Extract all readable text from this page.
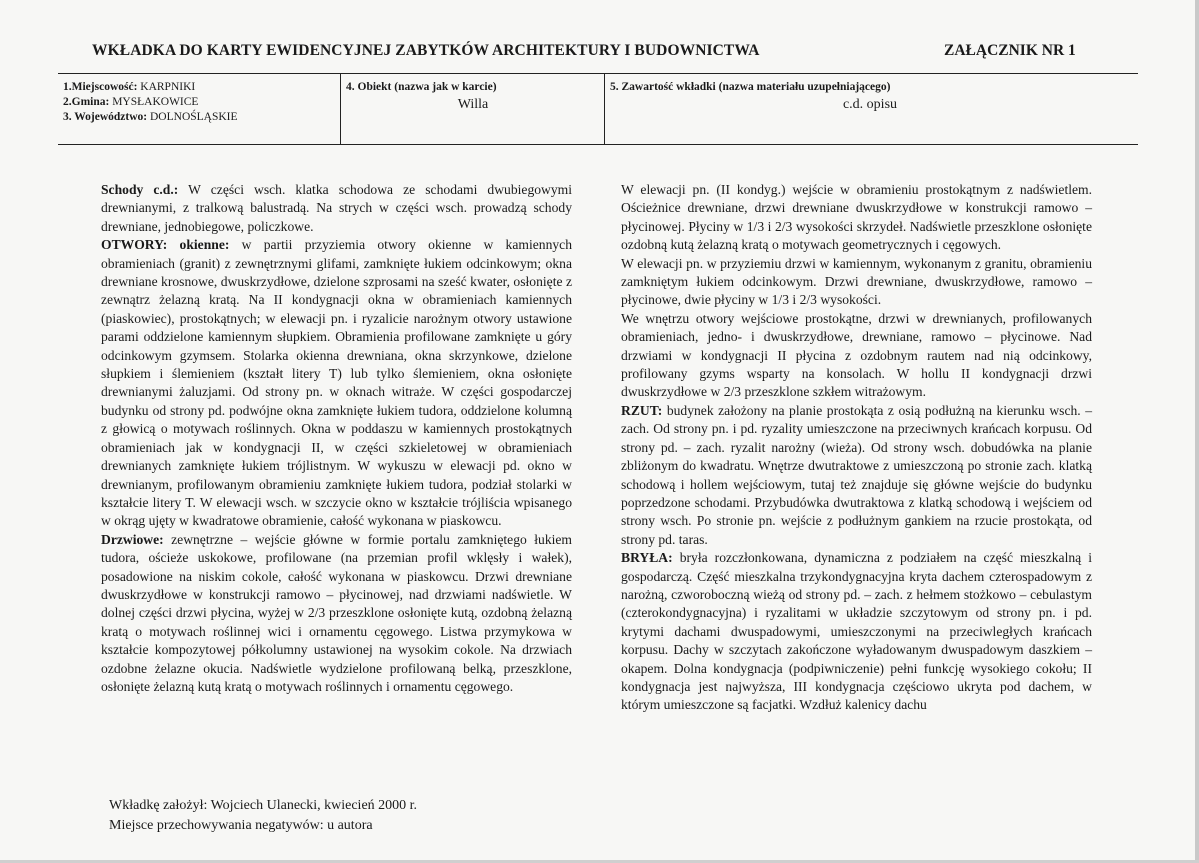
WKŁADKA DO KARTY EWIDENCYJNEJ ZABYTKÓW ARCHITEKTURY I BUDOWNICTWA	ZAŁĄCZNIK NR 1
1.Miejscowość: KARPNIKI
2.Gmina: MYSŁAKOWICE
3. Województwo: DOLNOŚLĄSKIE
4. Obiekt (nazwa jak w karcie)
Willa
5. Zawartość wkładki (nazwa materiału uzupełniającego)
c.d. opisu

Schody c.d.: W części wsch. klatka schodowa ze schodami dwubiegowymi drewnianymi, z tralkową balustradą. Na strych w części wsch. prowadzą schody drewniane, jednobiegowe, policzkowe.

OTWORY: okienne: w partii przyziemia otwory okienne w kamiennych obramieniach (granit) z zewnętrznymi glifami, zamknięte łukiem odcinkowym; okna drewniane krosnowe, dwuskrzydłowe, dzielone szprosami na sześć kwater, osłonięte z zewnątrz żelazną kratą. Na II kondygnacji okna w obramieniach kamiennych (piaskowiec), prostokątnych; w elewacji pn. i ryzalicie narożnym otwory ustawione parami oddzielone kamiennym słupkiem. Obramienia profilowane zamknięte u góry odcinkowym gzymsem. Stolarka okienna drewniana, okna skrzynkowe, dzielone słupkiem i ślemieniem (kształt litery T) lub tylko ślemieniem, okna osłonięte drewnianymi żaluzjami. Od strony pn. w oknach witraże. W części gospodarczej budynku od strony pd. podwójne okna zamknięte łukiem tudora, oddzielone kolumną z głowicą o motywach roślinnych. Okna w poddaszu w kamiennych prostokątnych obramieniach jak w kondygnacji II, w części szkieletowej w obramieniach drewnianych zamknięte łukiem trójlistnym. W wykuszu w elewacji pd. okno w drewnianym, profilowanym obramieniu zamknięte łukiem tudora, podział stolarki w kształcie litery T. W elewacji wsch. w szczycie okno w kształcie trójliścia wpisanego w okrąg ujęty w kwadratowe obramienie, całość wykonana w piaskowcu.

Drzwiowe: zewnętrzne – wejście główne w formie portalu zamkniętego łukiem tudora, ościeże uskokowe, profilowane (na przemian profil wklęsły i wałek), posadowione na niskim cokole, całość wykonana w piaskowcu. Drzwi drewniane dwuskrzydłowe w konstrukcji ramowo – płycinowej, nad drzwiami nadświetle. W dolnej części drzwi płycina, wyżej w 2/3 przeszklone osłonięte kutą, ozdobną żelazną kratą o motywach roślinnej wici i ornamentu cęgowego. Listwa przymykowa w kształcie kompozytowej półkolumny ustawionej na wysokim cokole. Na drzwiach ozdobne żelazne okucia. Nadświetle wydzielone profilowaną belką, przeszklone, osłonięte żelazną kutą kratą o motywach roślinnych i ornamentu cęgowego.

W elewacji pn. (II kondyg.) wejście w obramieniu prostokątnym z nadświetlem. Ościeżnice drewniane, drzwi drewniane dwuskrzydłowe w konstrukcji ramowo – płycinowej. Płyciny w 1/3 i 2/3 wysokości skrzydeł. Nadświetle przeszklone osłonięte ozdobną kutą żelazną kratą o motywach geometrycznych i cęgowych.

W elewacji pn. w przyziemiu drzwi w kamiennym, wykonanym z granitu, obramieniu zamkniętym łukiem odcinkowym. Drzwi drewniane, dwuskrzydłowe, ramowo – płycinowe, dwie płyciny w 1/3 i 2/3 wysokości.

We wnętrzu otwory wejściowe prostokątne, drzwi w drewnianych, profilowanych obramieniach, jedno- i dwuskrzydłowe, drewniane, ramowo – płycinowe. Nad drzwiami w kondygnacji II płycina z ozdobnym rautem nad nią odcinkowy, profilowany gzyms wsparty na konsolach. W hollu II kondygnacji drzwi dwuskrzydłowe w 2/3 przeszklone szkłem witrażowym.

RZUT: budynek założony na planie prostokąta z osią podłużną na kierunku wsch. – zach. Od strony pn. i pd. ryzality umieszczone na przeciwnych krańcach korpusu. Od strony pd. – zach. ryzalit narożny (wieża). Od strony wsch. dobudówka na planie zbliżonym do kwadratu. Wnętrze dwutraktowe z umieszczoną po stronie zach. klatką schodową i hollem wejściowym, tutaj też znajduje się główne wejście do budynku poprzedzone schodami. Przybudówka dwutraktowa z klatką schodową i wejściem od strony wsch. Po stronie pn. wejście z podłużnym gankiem na rzucie prostokąta, od strony pd. taras.

BRYŁA: bryła rozczłonkowana, dynamiczna z podziałem na część mieszkalną i gospodarczą. Część mieszkalna trzykondygnacyjna kryta dachem czterospadowym z narożną, czworoboczną wieżą od strony pd. – zach. z hełmem stożkowo – cebulastym (czterokondygnacyjna) i ryzalitami w układzie szczytowym od strony pn. i pd. krytymi dachami dwuspadowymi, umieszczonymi na przeciwległych krańcach korpusu. Dachy w szczytach zakończone wyładowanym dwuspadowym daszkiem – okapem. Dolna kondygnacja (podpiwniczenie) pełni funkcję wysokiego cokołu; II kondygnacja jest najwyższa, III kondygnacja częściowo ukryta pod dachem, w którym umieszczone są facjatki. Wzdłuż kalenicy dachu

Wkładkę założył: Wojciech Ulanecki, kwiecień 2000 r.
Miejsce przechowywania negatywów: u autora
